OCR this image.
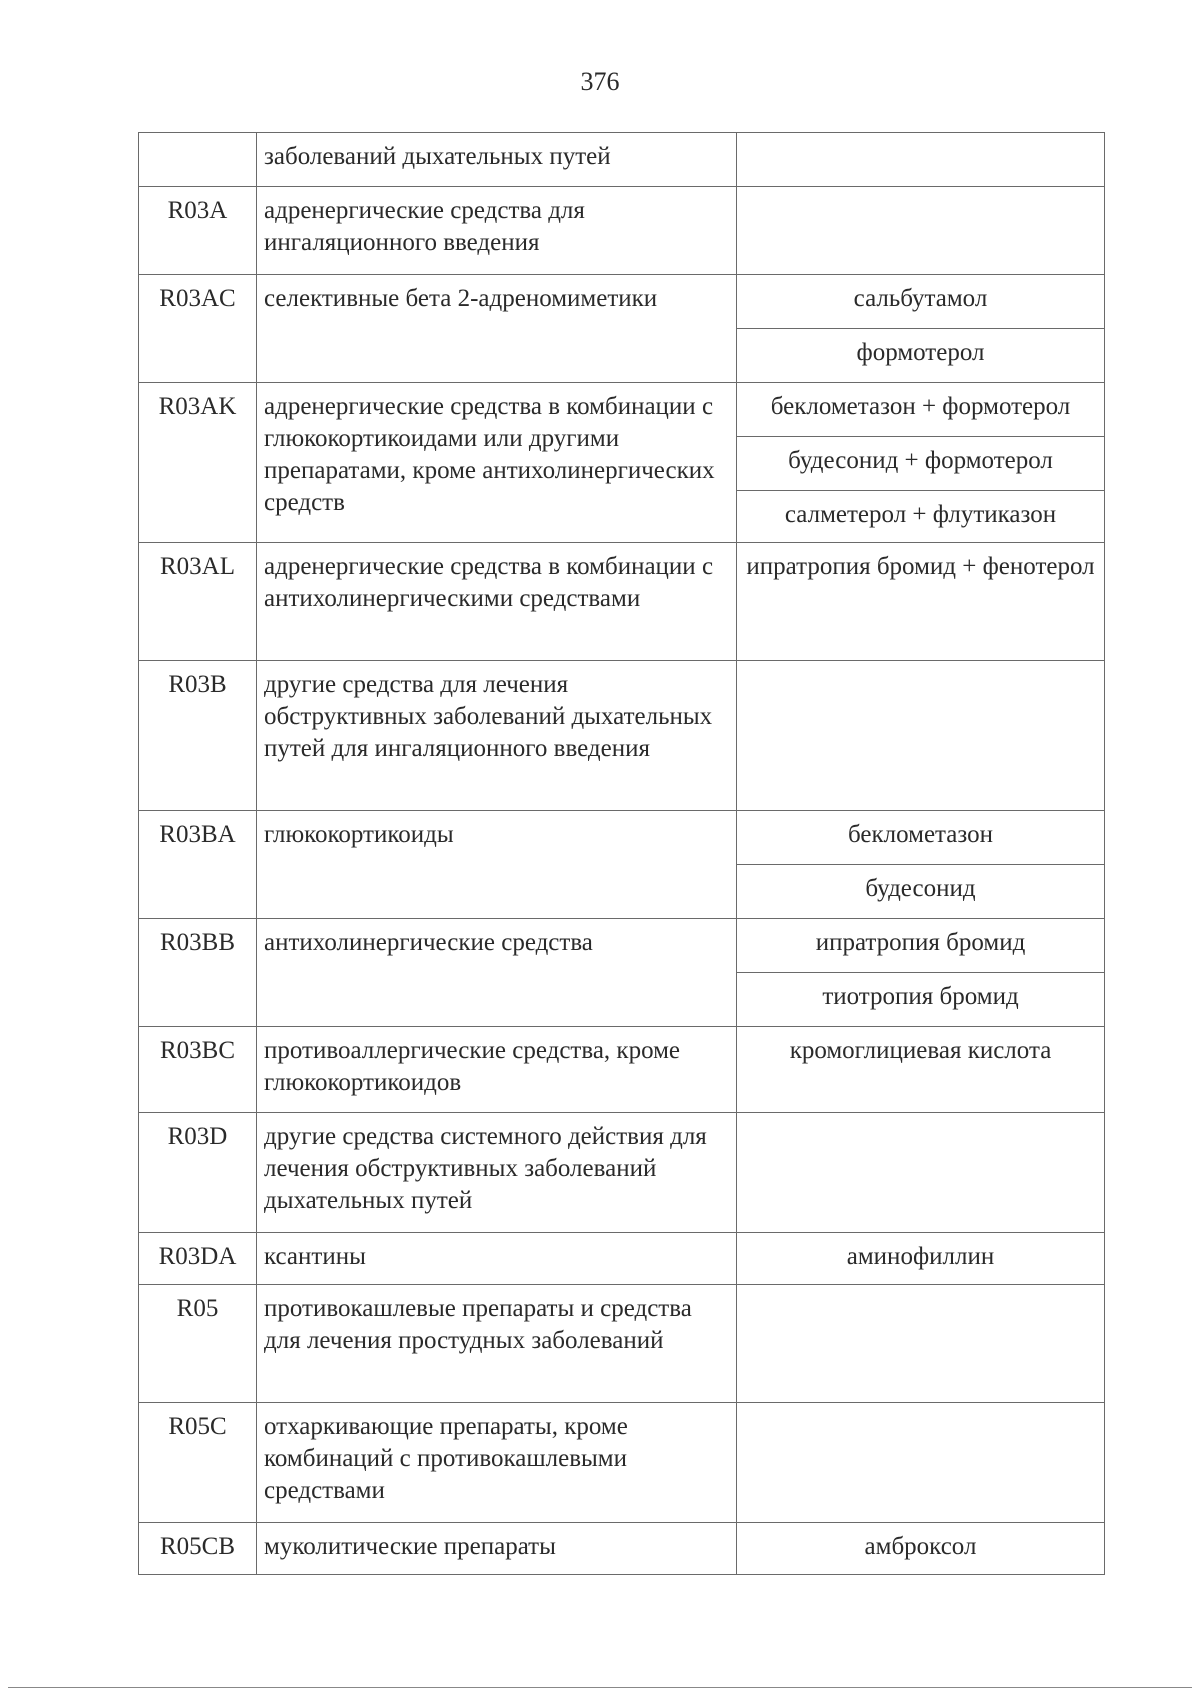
376
	заболеваний дыхательных путей	
R03A	адренергические средства для ингаляционного введения	
R03AC	селективные бета 2-адреномиметики	сальбутамол
		формотерол
R03AK	адренергические средства в комбинации с глюкокортикоидами или другими препаратами, кроме антихолинергических средств	беклометазон + формотерол
		будесонид + формотерол
		салметерол + флутиказон
R03AL	адренергические средства в комбинации с антихолинергическими средствами	ипратропия бромид + фенотерол
R03B	другие средства для лечения обструктивных заболеваний дыхательных путей для ингаляционного введения	
R03BA	глюкокортикоиды	беклометазон
		будесонид
R03BB	антихолинергические средства	ипратропия бромид
		тиотропия бромид
R03BC	противоаллергические средства, кроме глюкокортикоидов	кромоглициевая кислота
R03D	другие средства системного действия для лечения обструктивных заболеваний дыхательных путей	
R03DA	ксантины	аминофиллин
R05	противокашлевые препараты и средства для лечения простудных заболеваний	
R05C	отхаркивающие препараты, кроме комбинаций с противокашлевыми средствами	
R05CB	муколитические препараты	амброксол
